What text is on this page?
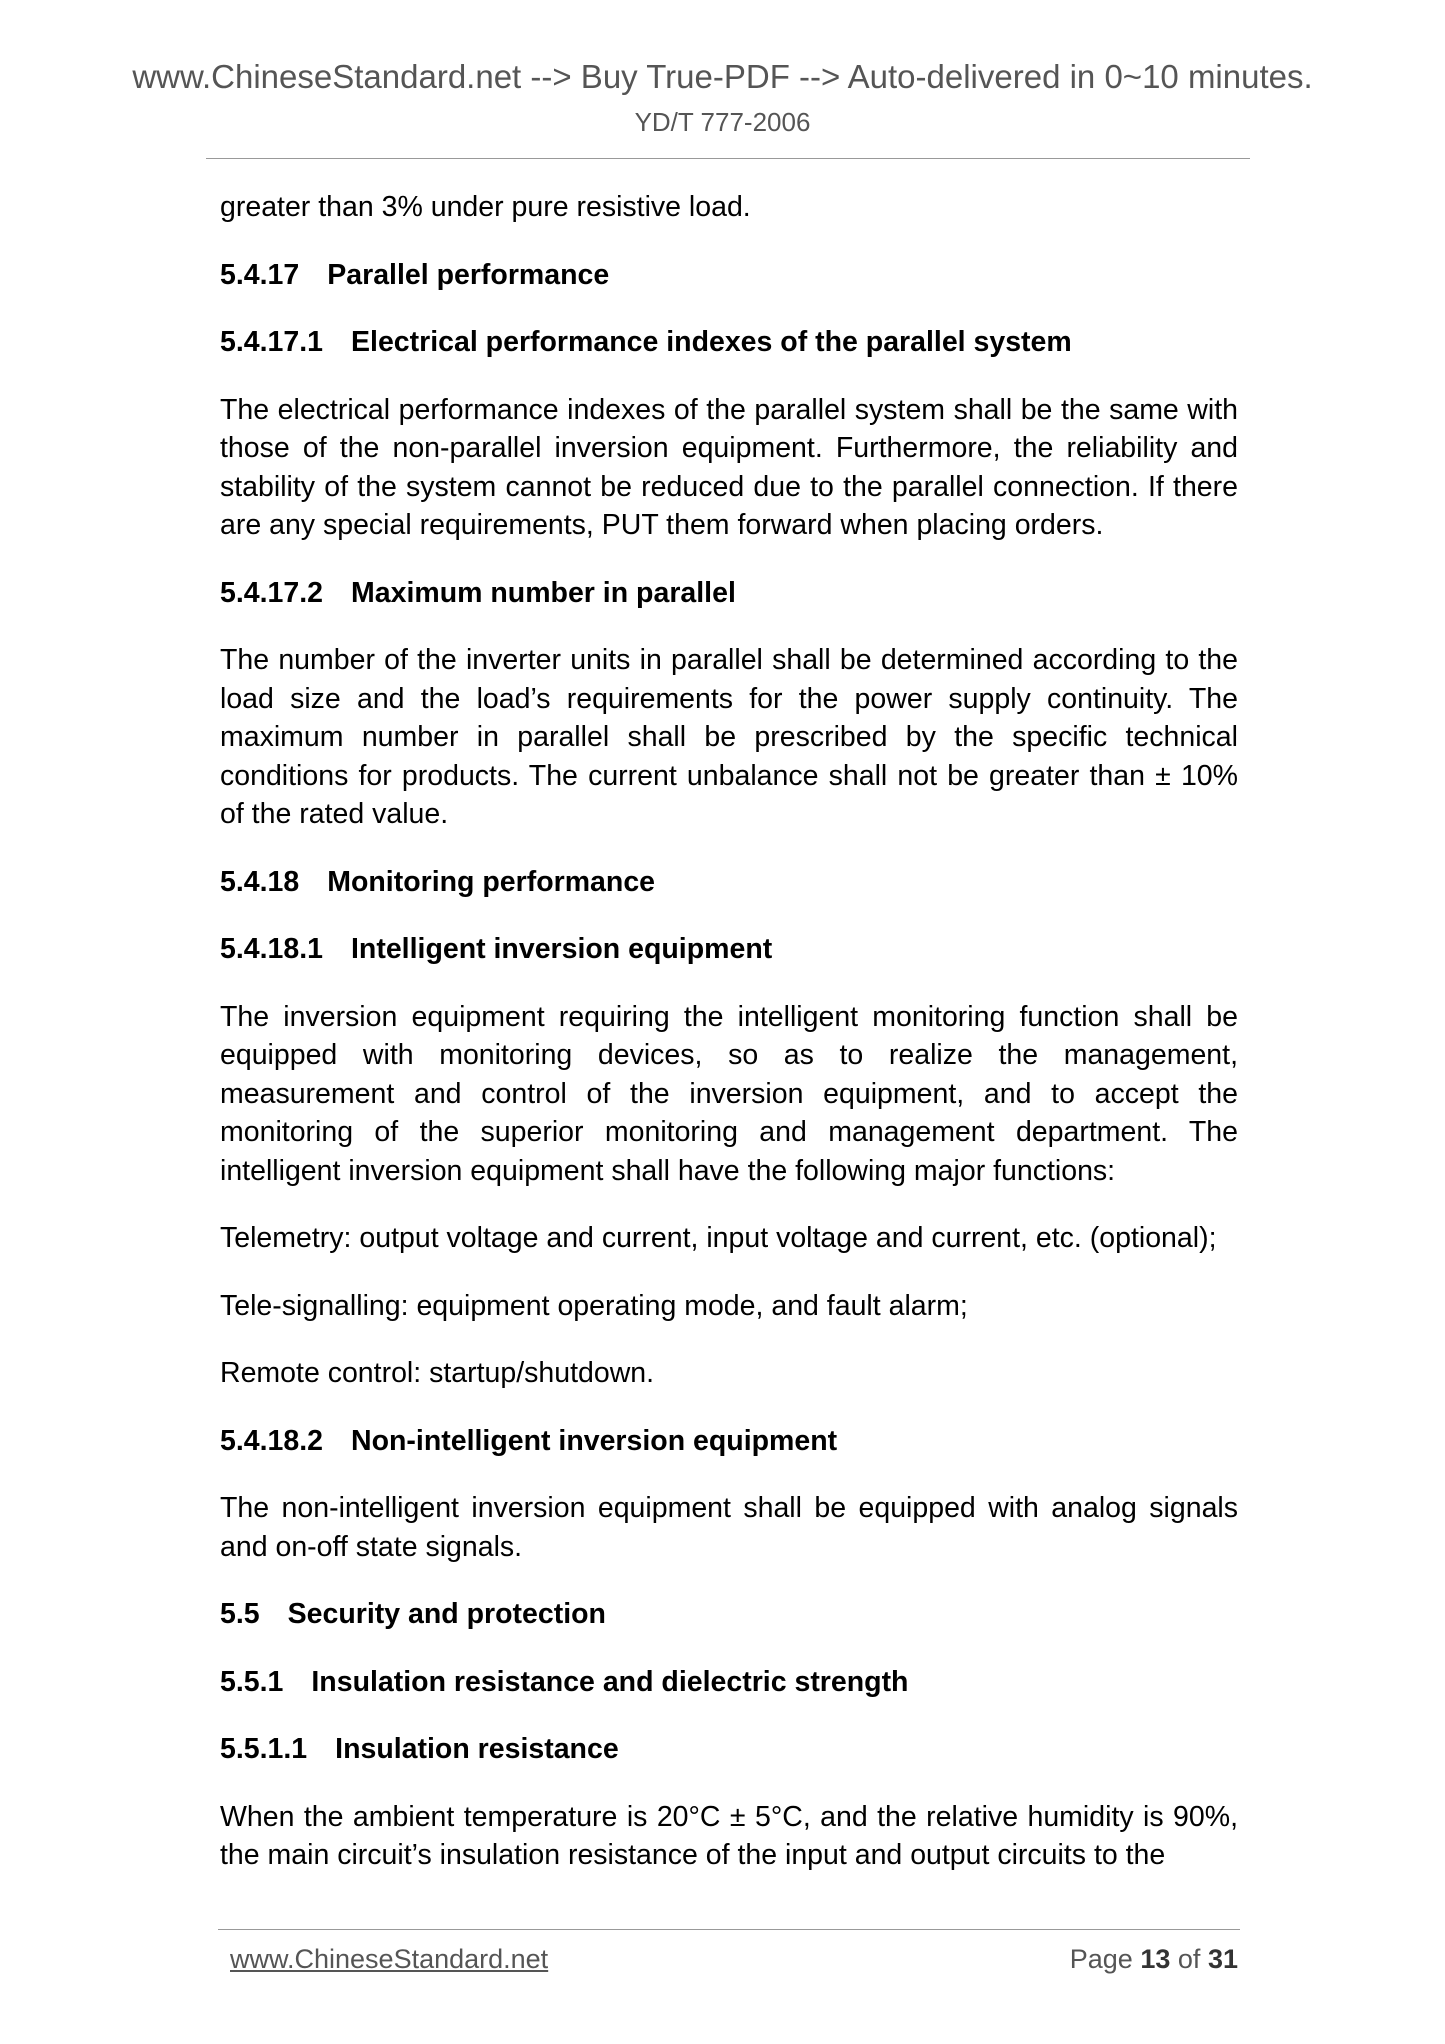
www.ChineseStandard.net --> Buy True-PDF --> Auto-delivered in 0~10 minutes.
YD/T 777-2006

greater than 3% under pure resistive load.

5.4.17 Parallel performance
5.4.17.1 Electrical performance indexes of the parallel system

The electrical performance indexes of the parallel system shall be the same with those of the non-parallel inversion equipment. Furthermore, the reliability and stability of the system cannot be reduced due to the parallel connection. If there are any special requirements, PUT them forward when placing orders.

5.4.17.2 Maximum number in parallel

The number of the inverter units in parallel shall be determined according to the load size and the load’s requirements for the power supply continuity. The maximum number in parallel shall be prescribed by the specific technical conditions for products. The current unbalance shall not be greater than ± 10% of the rated value.

5.4.18 Monitoring performance
5.4.18.1 Intelligent inversion equipment

The inversion equipment requiring the intelligent monitoring function shall be equipped with monitoring devices, so as to realize the management, measurement and control of the inversion equipment, and to accept the monitoring of the superior monitoring and management department. The intelligent inversion equipment shall have the following major functions:

Telemetry: output voltage and current, input voltage and current, etc. (optional);

Tele-signalling: equipment operating mode, and fault alarm;

Remote control: startup/shutdown.

5.4.18.2 Non-intelligent inversion equipment

The non-intelligent inversion equipment shall be equipped with analog signals and on-off state signals.

5.5 Security and protection
5.5.1 Insulation resistance and dielectric strength
5.5.1.1 Insulation resistance

When the ambient temperature is 20°C ± 5°C, and the relative humidity is 90%, the main circuit’s insulation resistance of the input and output circuits to the

www.ChineseStandard.net	Page 13 of 31
